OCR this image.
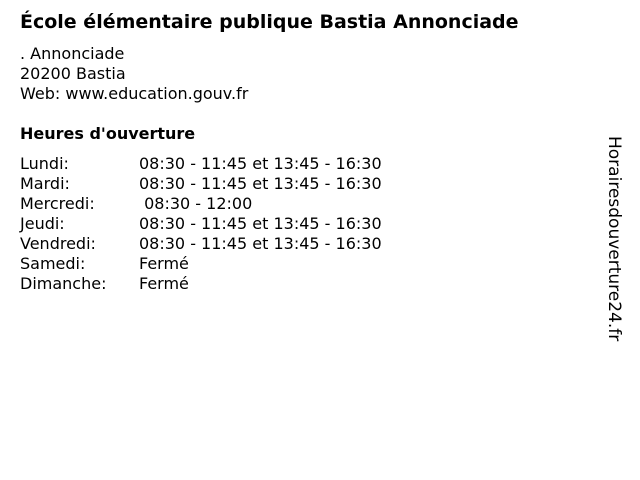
École élémentaire publique Bastia Annonciade
. Annonciade
20200 Bastia
Web: www.education.gouv.fr
Heures d'ouverture
Lundi:	08:30 - 11:45 et 13:45 - 16:30
Mardi:	08:30 - 11:45 et 13:45 - 16:30
Mercredi:	08:30 - 12:00
Jeudi:	08:30 - 11:45 et 13:45 - 16:30
Vendredi:	08:30 - 11:45 et 13:45 - 16:30
Samedi:	Fermé
Dimanche:	Fermé	Horairesdouverture24.fr
